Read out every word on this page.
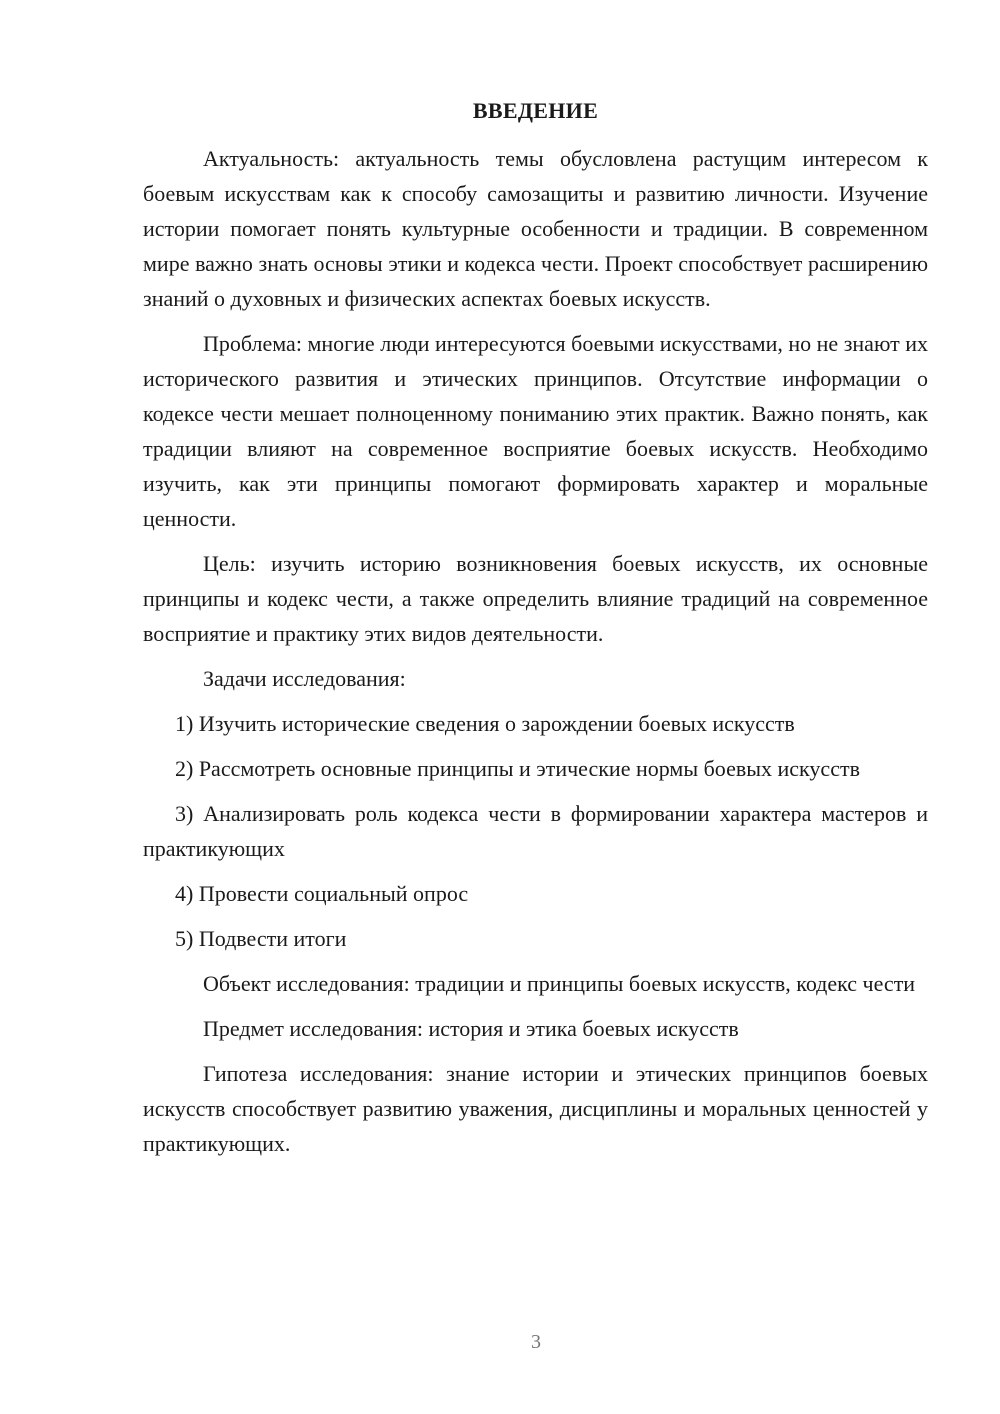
ВВЕДЕНИЕ

Актуальность: актуальность темы обусловлена растущим интересом к боевым искусствам как к способу самозащиты и развитию личности. Изучение истории помогает понять культурные особенности и традиции. В современном мире важно знать основы этики и кодекса чести. Проект способствует расширению знаний о духовных и физических аспектах боевых искусств.

Проблема: многие люди интересуются боевыми искусствами, но не знают их исторического развития и этических принципов. Отсутствие информации о кодексе чести мешает полноценному пониманию этих практик. Важно понять, как традиции влияют на современное восприятие боевых искусств. Необходимо изучить, как эти принципы помогают формировать характер и моральные ценности.

Цель: изучить историю возникновения боевых искусств, их основные принципы и кодекс чести, а также определить влияние традиций на современное восприятие и практику этих видов деятельности.

Задачи исследования:

1) Изучить исторические сведения о зарождении боевых искусств

2) Рассмотреть основные принципы и этические нормы боевых искусств

3) Анализировать роль кодекса чести в формировании характера мастеров и практикующих

4) Провести социальный опрос

5) Подвести итоги

Объект исследования: традиции и принципы боевых искусств, кодекс чести

Предмет исследования: история и этика боевых искусств

Гипотеза исследования: знание истории и этических принципов боевых искусств способствует развитию уважения, дисциплины и моральных ценностей у практикующих.

3
